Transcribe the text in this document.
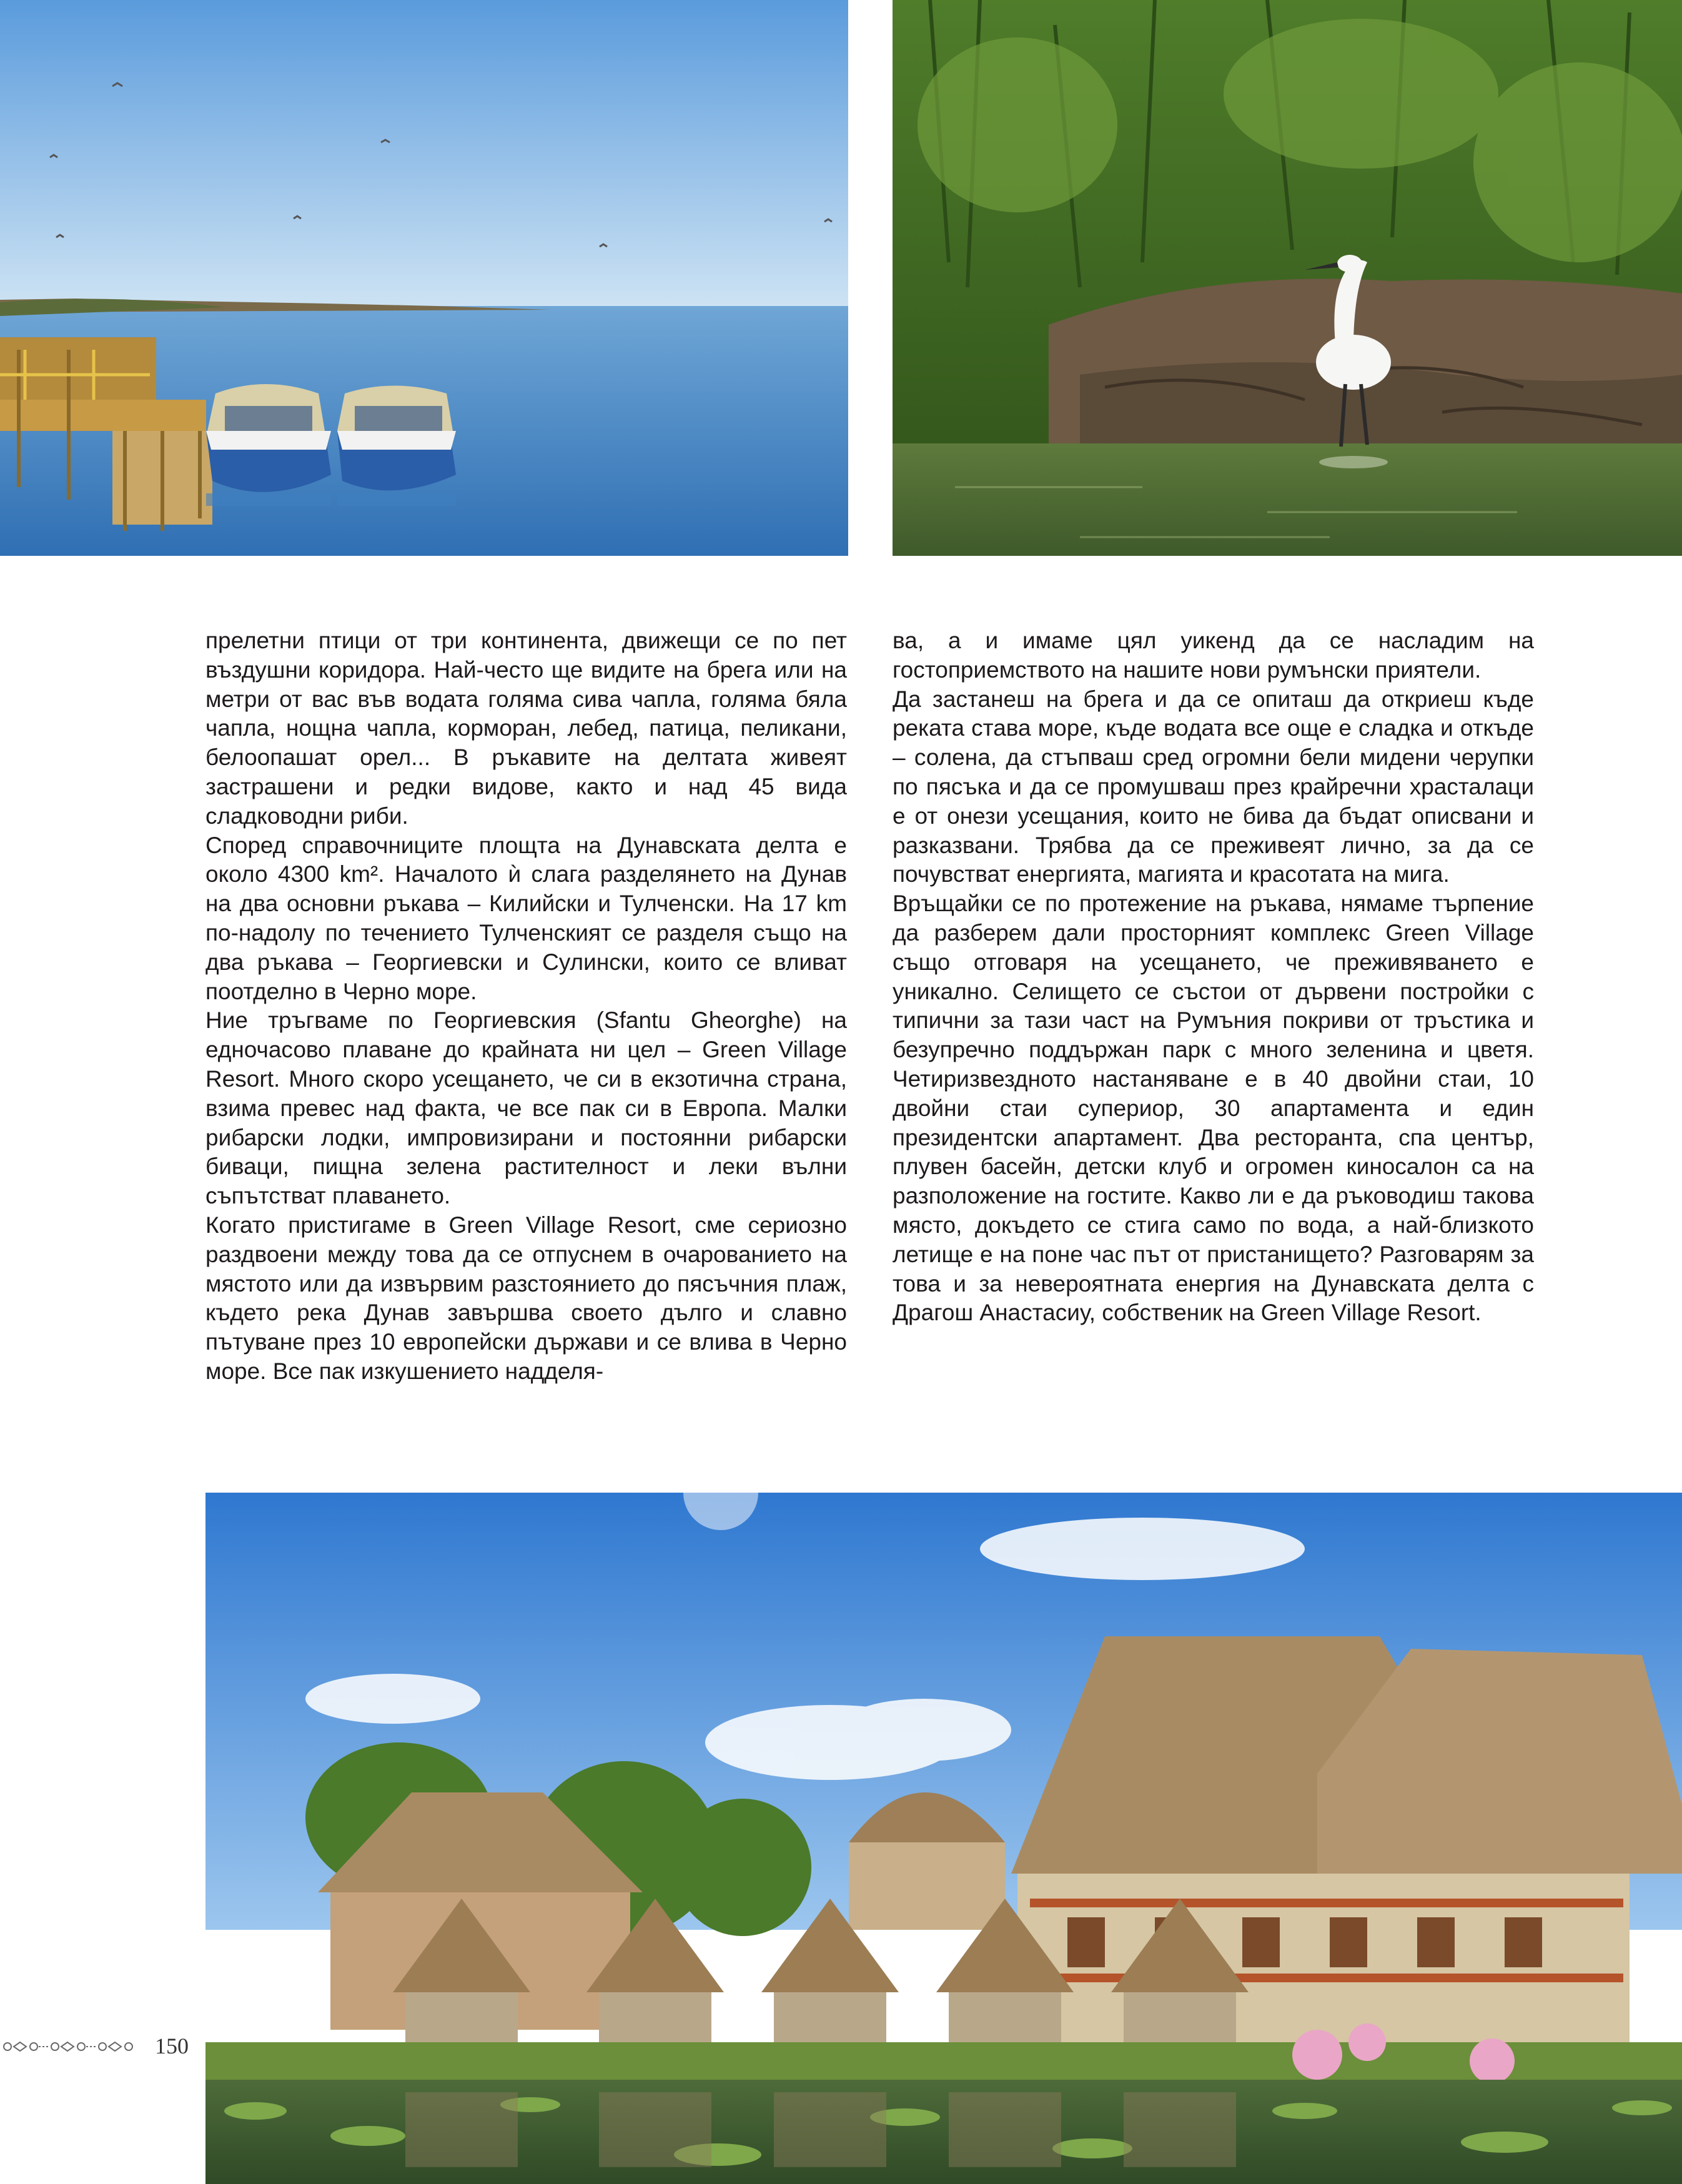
прелетни птици от три континента, движещи се по пет въздушни коридора. Най-често ще видите на брега или на метри от вас във водата голяма сива чапла, голяма бяла чапла, нощна чапла, корморан, лебед, патица, пеликани, белоопашат орел... В ръкавите на делтата живеят застрашени и редки видове, както и над 45 вида сладководни риби.

Според справочниците площта на Дунавската делта е около 4300 km². Началото ѝ слага разделянето на Дунав на два основни ръкава – Килийски и Тулченски. На 17 km по-надолу по течението Тулченският се разделя също на два ръкава – Георгиевски и Сулински, които се вливат поотделно в Черно море.

Ние тръгваме по Георгиевския (Sfantu Gheorghe) на едночасово плаване до крайната ни цел – Green Village Resort. Много скоро усещането, че си в екзотична страна, взима превес над факта, че все пак си в Европа. Малки рибарски лодки, импровизирани и постоянни рибарски биваци, пищна зелена растителност и леки вълни съпътстват плаването.

Когато пристигаме в Green Village Resort, сме сериозно раздвоени между това да се отпуснем в очарованието на мястото или да извървим разстоянието до пясъчния плаж, където река Дунав завършва своето дълго и славно пътуване през 10 европейски държави и се влива в Черно море. Все пак изкушението надделя-

ва, а и имаме цял уикенд да се насладим на гостоприемството на нашите нови румънски приятели.

Да застанеш на брега и да се опиташ да откриеш къде реката става море, къде водата все още е сладка и откъде – солена, да стъпваш сред огромни бели мидени черупки по пясъка и да се промушваш през крайречни храсталаци е от онези усещания, които не бива да бъдат описвани и разказвани. Трябва да се преживеят лично, за да се почувстват енергията, магията и красотата на мига.

Връщайки се по протежение на ръкава, нямаме търпение да разберем дали просторният комплекс Green Village също отговаря на усещането, че преживяването е уникално. Селището се състои от дървени постройки с типични за тази част на Румъния покриви от тръстика и безупречно поддържан парк с много зеленина и цветя. Четиризвездното настаняване е в 40 двойни стаи, 10 двойни стаи супериор, 30 апартамента и един президентски апартамент. Два ресторанта, спа център, плувен басейн, детски клуб и огромен киносалон са на разположение на гостите. Какво ли е да ръководиш такова място, докъдето се стига само по вода, а най-близкото летище е на поне час път от пристанището? Разговарям за това и за невероятната енергия на Дунавската делта с Драгош Анастасиу, собственик на Green Village Resort.

150
